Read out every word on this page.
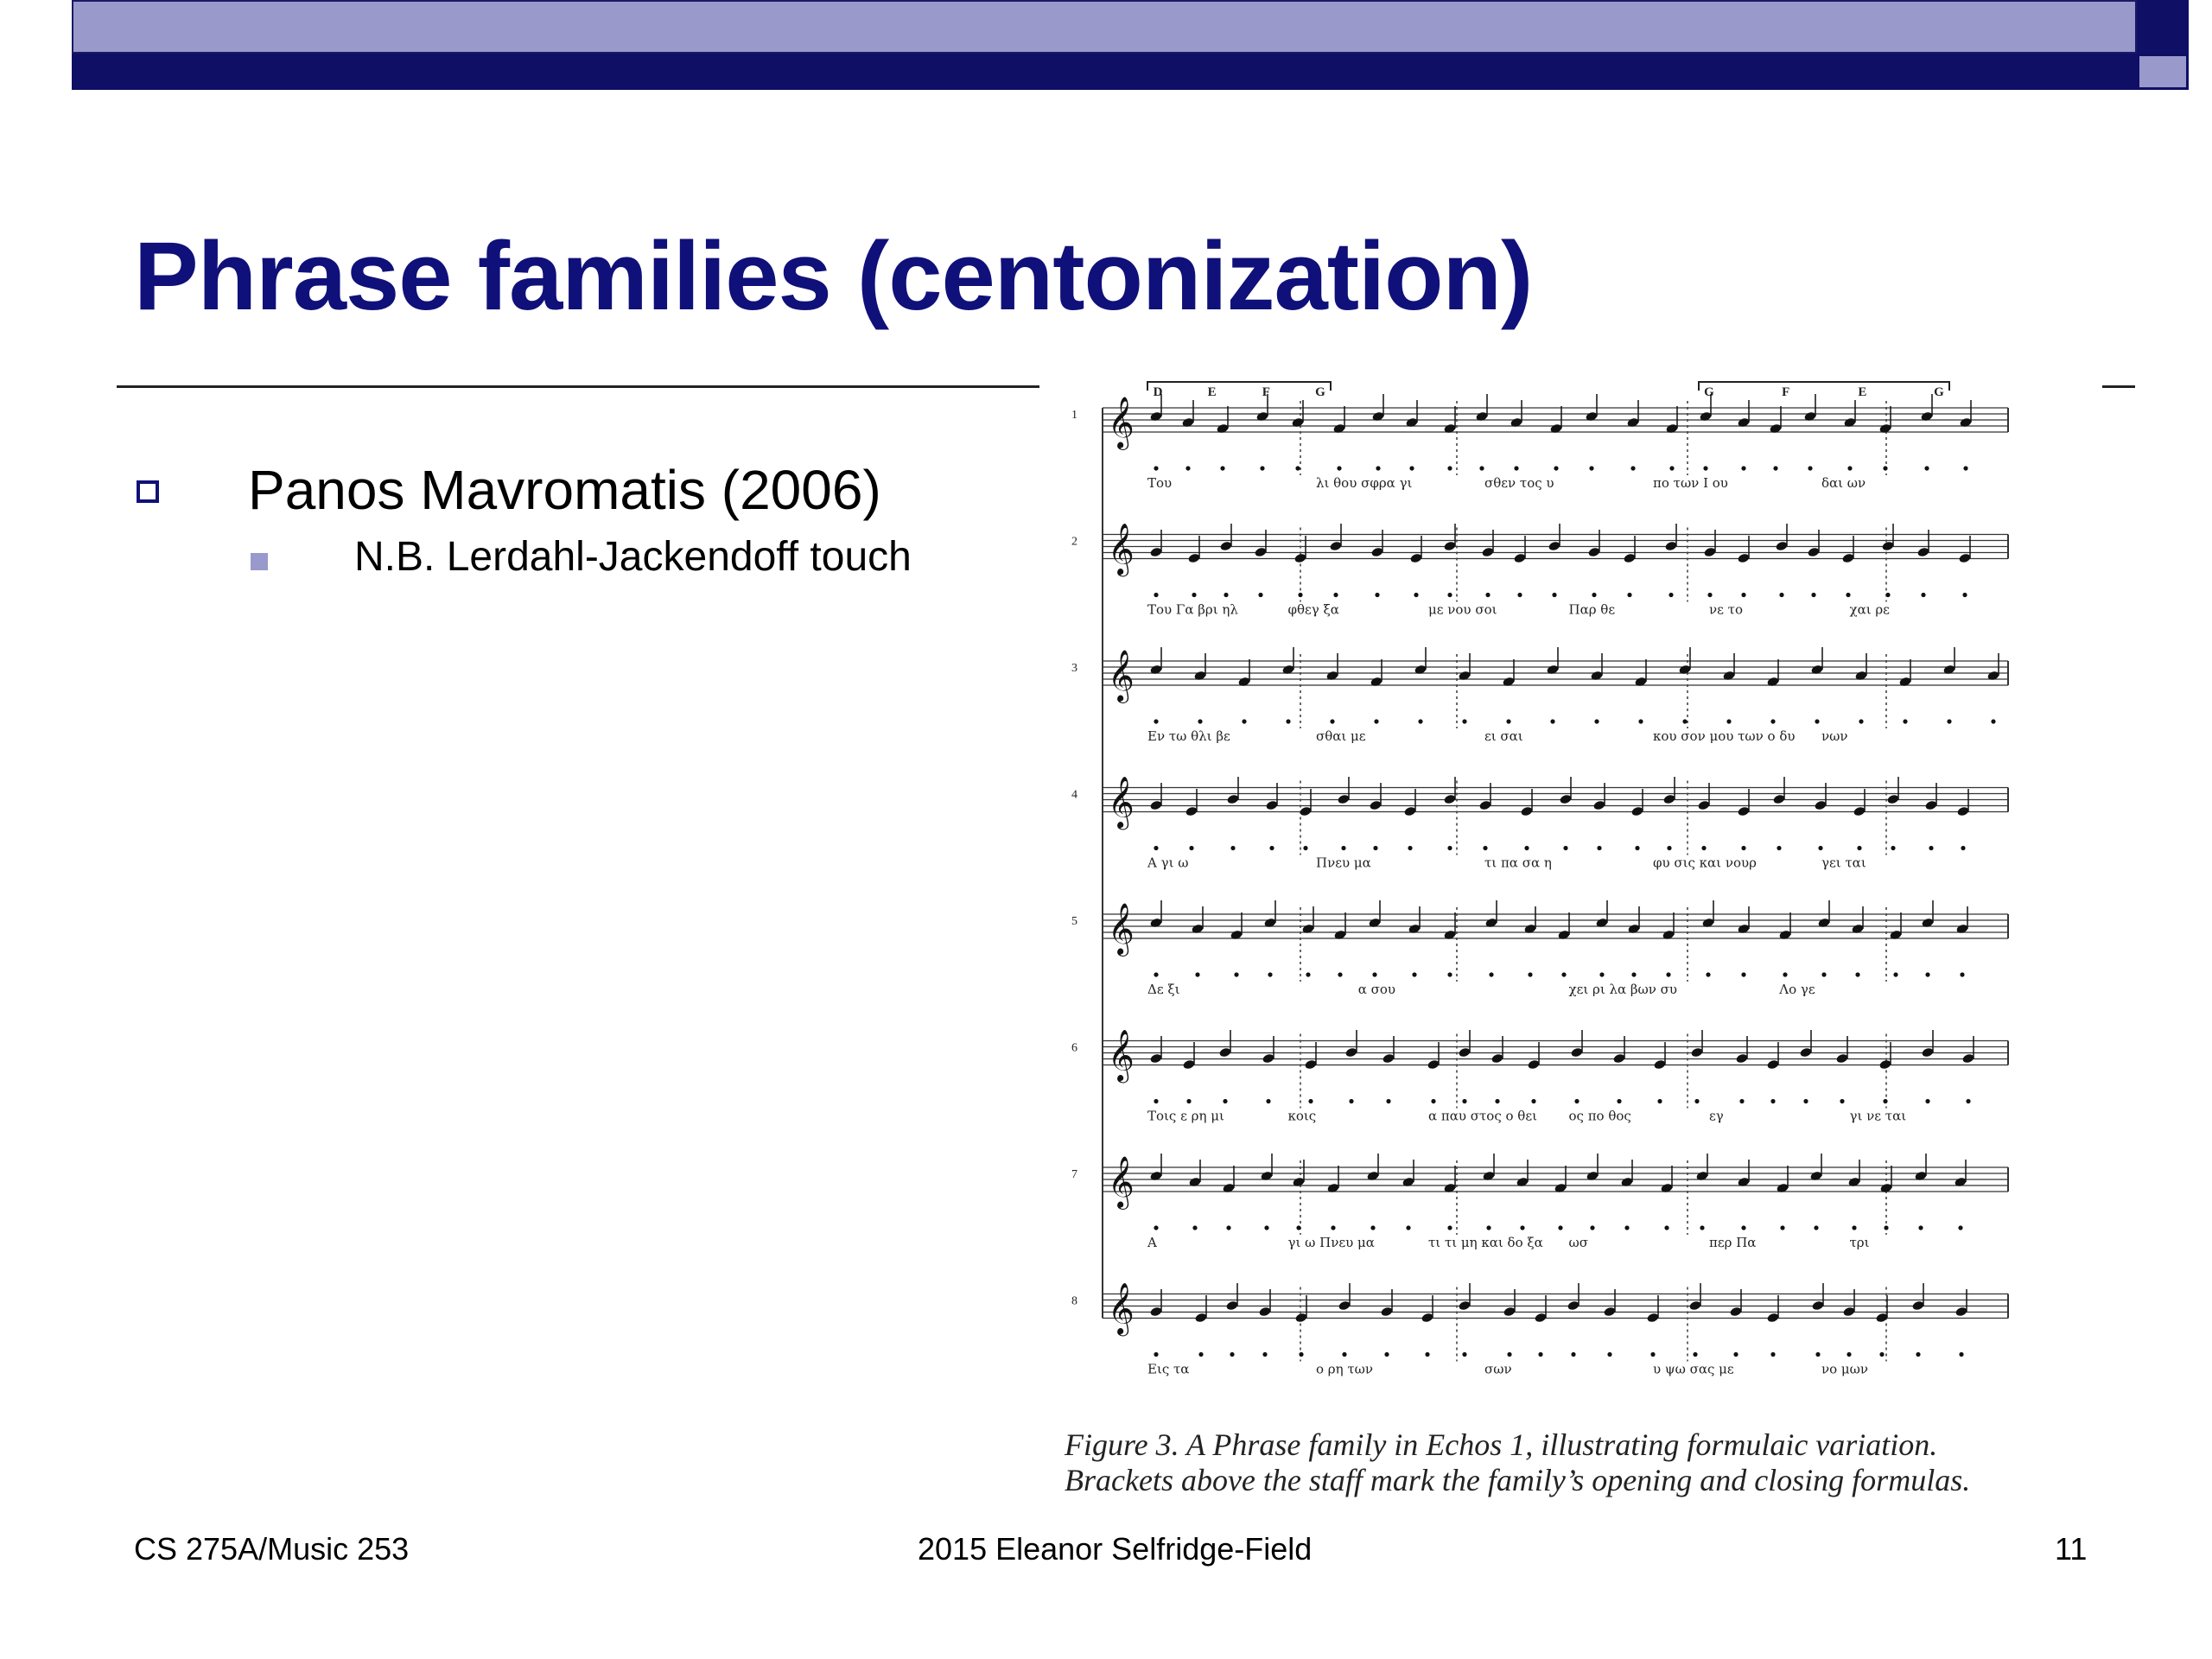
Phrase families (centonization)
Panos Mavromatis (2006)
N.B. Lerdahl-Jackendoff touch
D	E	F	G	G	F	E	G
1 𝄞
Του	λι θου σφρα γι	σθεν τος υ	πο των Ι ου	δαι ων
2 𝄞
Του Γα βρι ηλ	φθεγ ξα	με νου σοι	Παρ θε	νε το	χαι ρε
3 𝄞
Εν τω θλι βε	σθαι με	ει σαι	κου σον μου των ο δυ νων
4 𝄞
Α γι ω	Πνευ μα	τι πα σα η	φυ σις και νουρ	γει ται
5 𝄞
Δε ξι	α σου	χει ρι λα βων συ	Λο γε
6 𝄞
Τοις ε ρη μι	κοις	α παυ στος ο θει ος πο θος	εγ	γι νε ται
7 𝄞
Α	γι ω Πνευ μα	τι τι μη και δο ξα ωσ	περ Πα	τρι
8 𝄞
Εις τα	ο ρη των	σων	υ ψω σας με	νο μων
Figure 3. A Phrase family in Echos 1, illustrating formulaic variation. Brackets above the staff mark the family’s opening and closing formulas.
CS 275A/Music 253	2015 Eleanor Selfridge-Field	11
